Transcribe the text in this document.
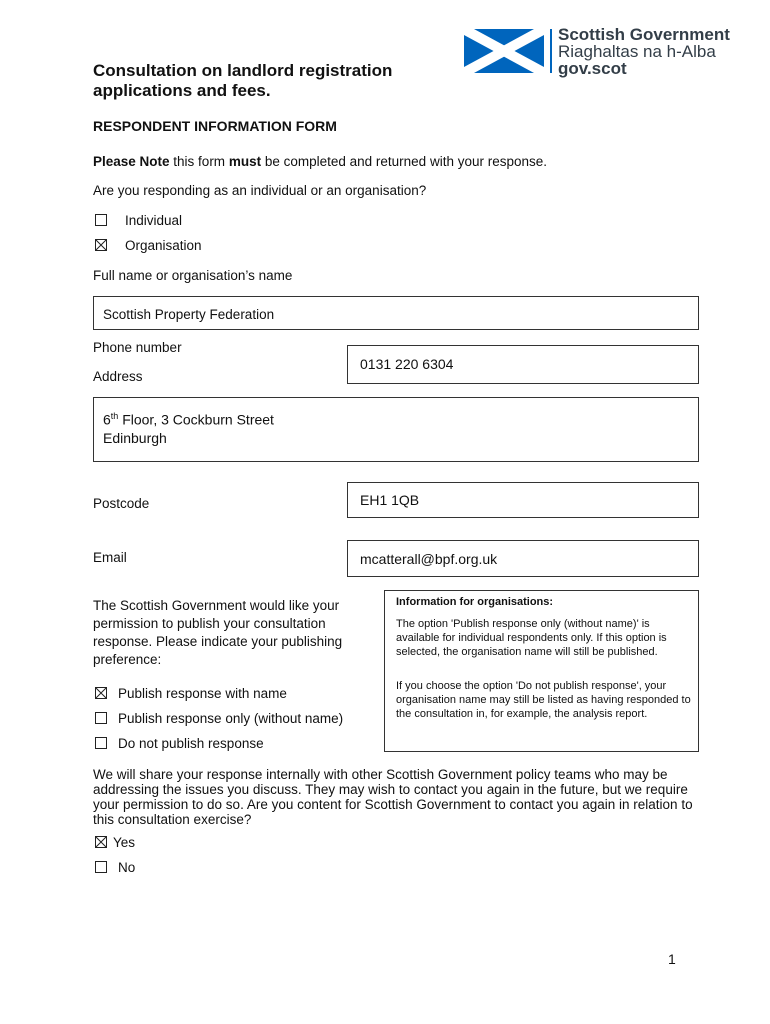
Scottish Government
Riaghaltas na h-Alba
gov.scot
Consultation on landlord registration applications and fees.
RESPONDENT INFORMATION FORM
Please Note this form must be completed and returned with your response.
Are you responding as an individual or an organisation?
Individual
Organisation
Full name or organisation’s name
Scottish Property Federation
Phone number
0131 220 6304
Address
6th Floor, 3 Cockburn Street
Edinburgh
Postcode	EH1 1QB
Email	mcatterall@bpf.org.uk
The Scottish Government would like your permission to publish your consultation response. Please indicate your publishing preference:
Publish response with name
Publish response only (without name)
Do not publish response
Information for organisations:
The option 'Publish response only (without name)' is available for individual respondents only. If this option is selected, the organisation name will still be published.
If you choose the option 'Do not publish response', your organisation name may still be listed as having responded to the consultation in, for example, the analysis report.
We will share your response internally with other Scottish Government policy teams who may be addressing the issues you discuss. They may wish to contact you again in the future, but we require your permission to do so. Are you content for Scottish Government to contact you again in relation to this consultation exercise?
Yes
No
1
